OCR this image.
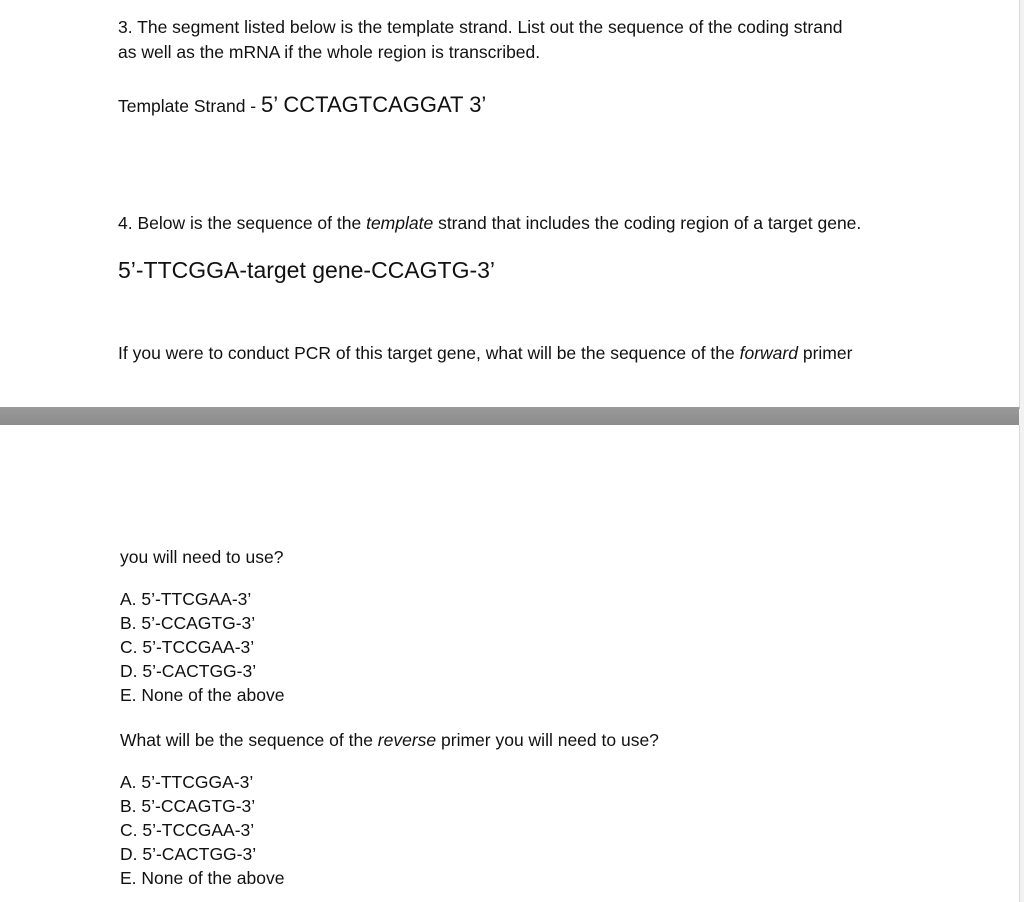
3. The segment listed below is the template strand. List out the sequence of the coding strand
as well as the mRNA if the whole region is transcribed.
Template Strand - 5’ CCTAGTCAGGAT 3’
4. Below is the sequence of the template strand that includes the coding region of a target gene.
5’-TTCGGA-target gene-CCAGTG-3’
If you were to conduct PCR of this target gene, what will be the sequence of the forward primer
you will need to use?
A. 5’-TTCGAA-3’
B. 5’-CCAGTG-3’
C. 5’-TCCGAA-3’
D. 5’-CACTGG-3’
E. None of the above
What will be the sequence of the reverse primer you will need to use?
A. 5’-TTCGGA-3’
B. 5’-CCAGTG-3’
C. 5’-TCCGAA-3’
D. 5’-CACTGG-3’
E. None of the above
